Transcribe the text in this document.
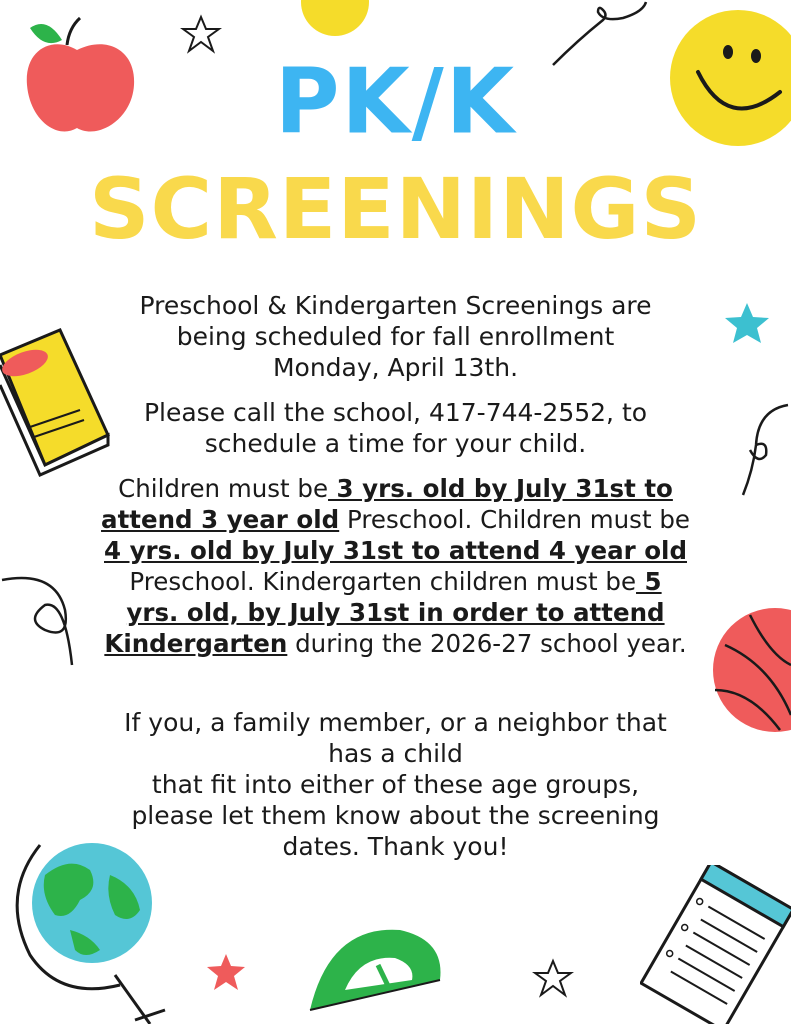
PK/K
SCREENINGS

Preschool & Kindergarten Screenings are
being scheduled for fall enrollment
Monday, April 13th.

Please call the school, 417-744-2552, to
schedule a time for your child.

Children must be 3 yrs. old by July 31st to attend 3 year old Preschool. Children must be 4 yrs. old by July 31st to attend 4 year old Preschool. Kindergarten children must be 5 yrs. old, by July 31st in order to attend Kindergarten during the 2026-27 school year.

If you, a family member, or a neighbor that
has a child
that fit into either of these age groups,
please let them know about the screening
dates. Thank you!
